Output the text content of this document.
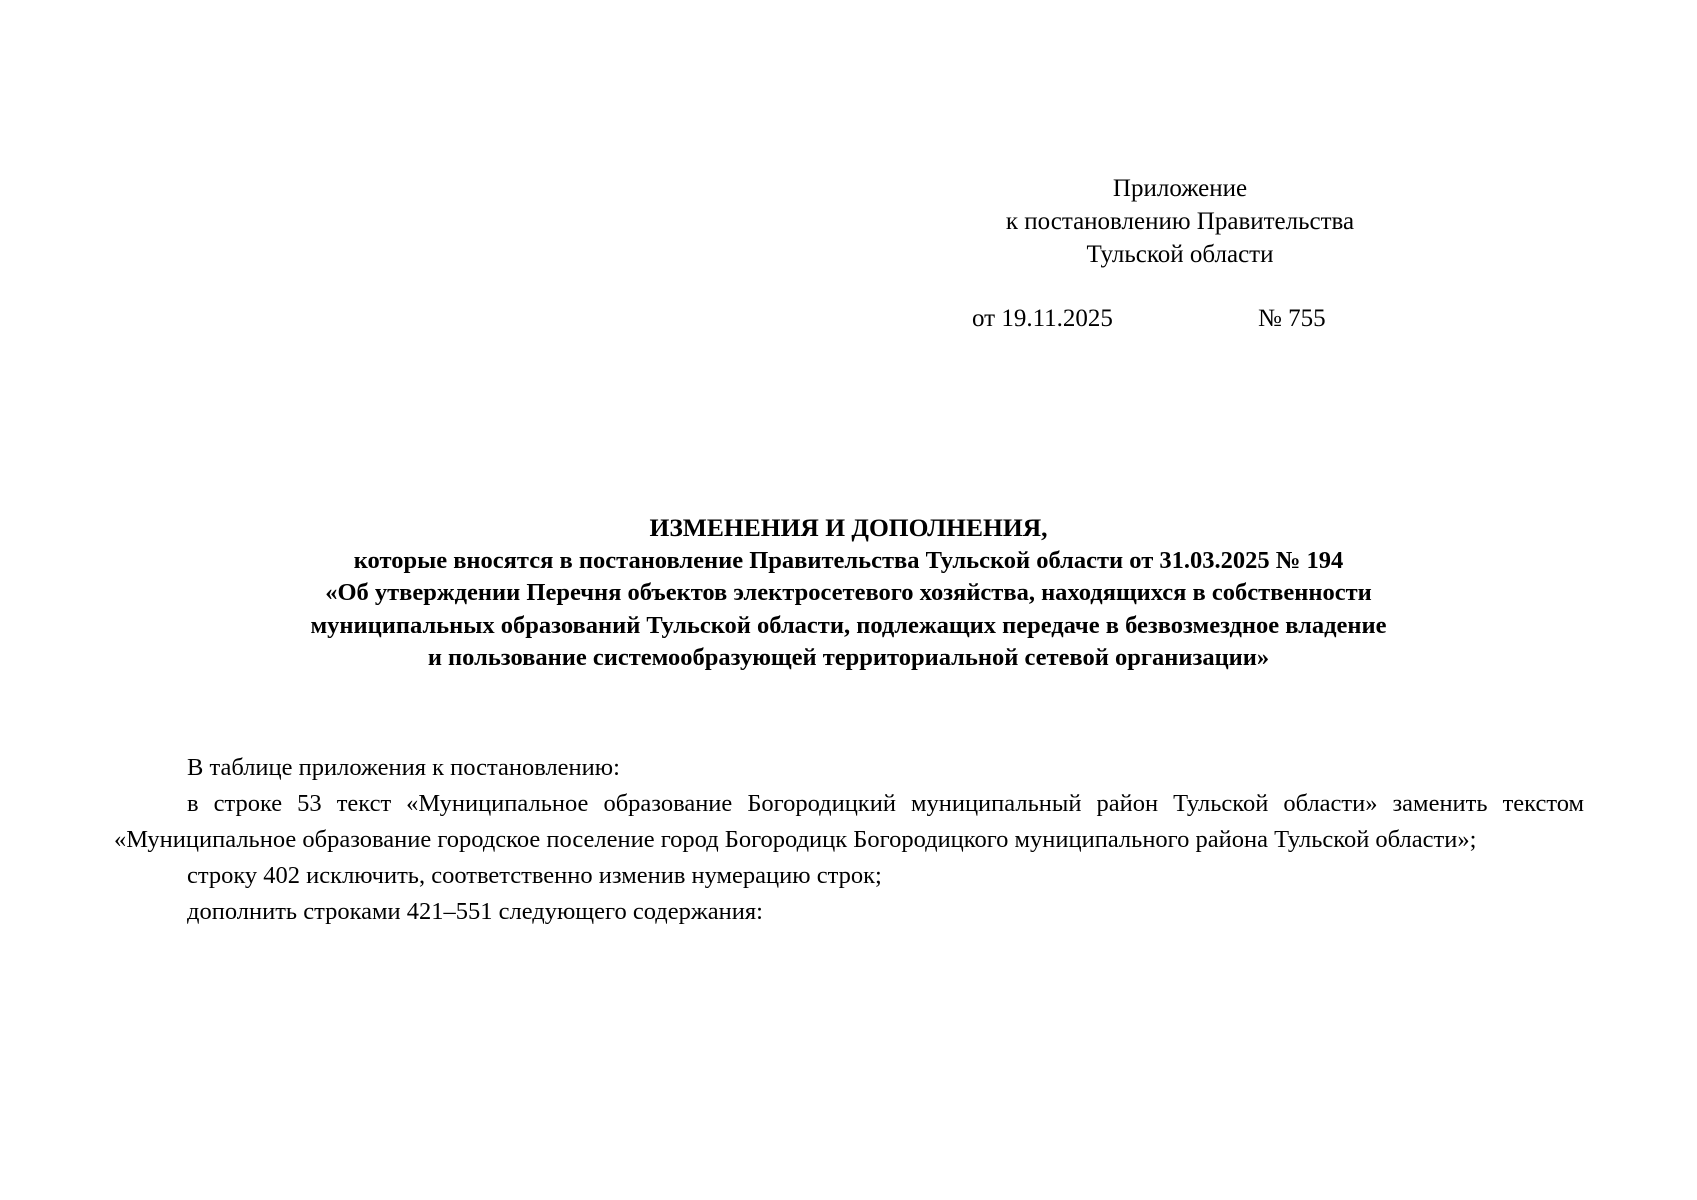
Приложение
к постановлению Правительства
Тульской области
от 19.11.2025	№ 755
ИЗМЕНЕНИЯ И ДОПОЛНЕНИЯ,
которые вносятся в постановление Правительства Тульской области от 31.03.2025 № 194
«Об утверждении Перечня объектов электросетевого хозяйства, находящихся в собственности
муниципальных образований Тульской области, подлежащих передаче в безвозмездное владение
и пользование системообразующей территориальной сетевой организации»

В таблице приложения к постановлению:

в строке 53 текст «Муниципальное образование Богородицкий муниципальный район Тульской области» заменить текстом «Муниципальное образование городское поселение город Богородицк Богородицкого муниципального района Тульской области»;

строку 402 исключить, соответственно изменив нумерацию строк;

дополнить строками 421–551 следующего содержания:
